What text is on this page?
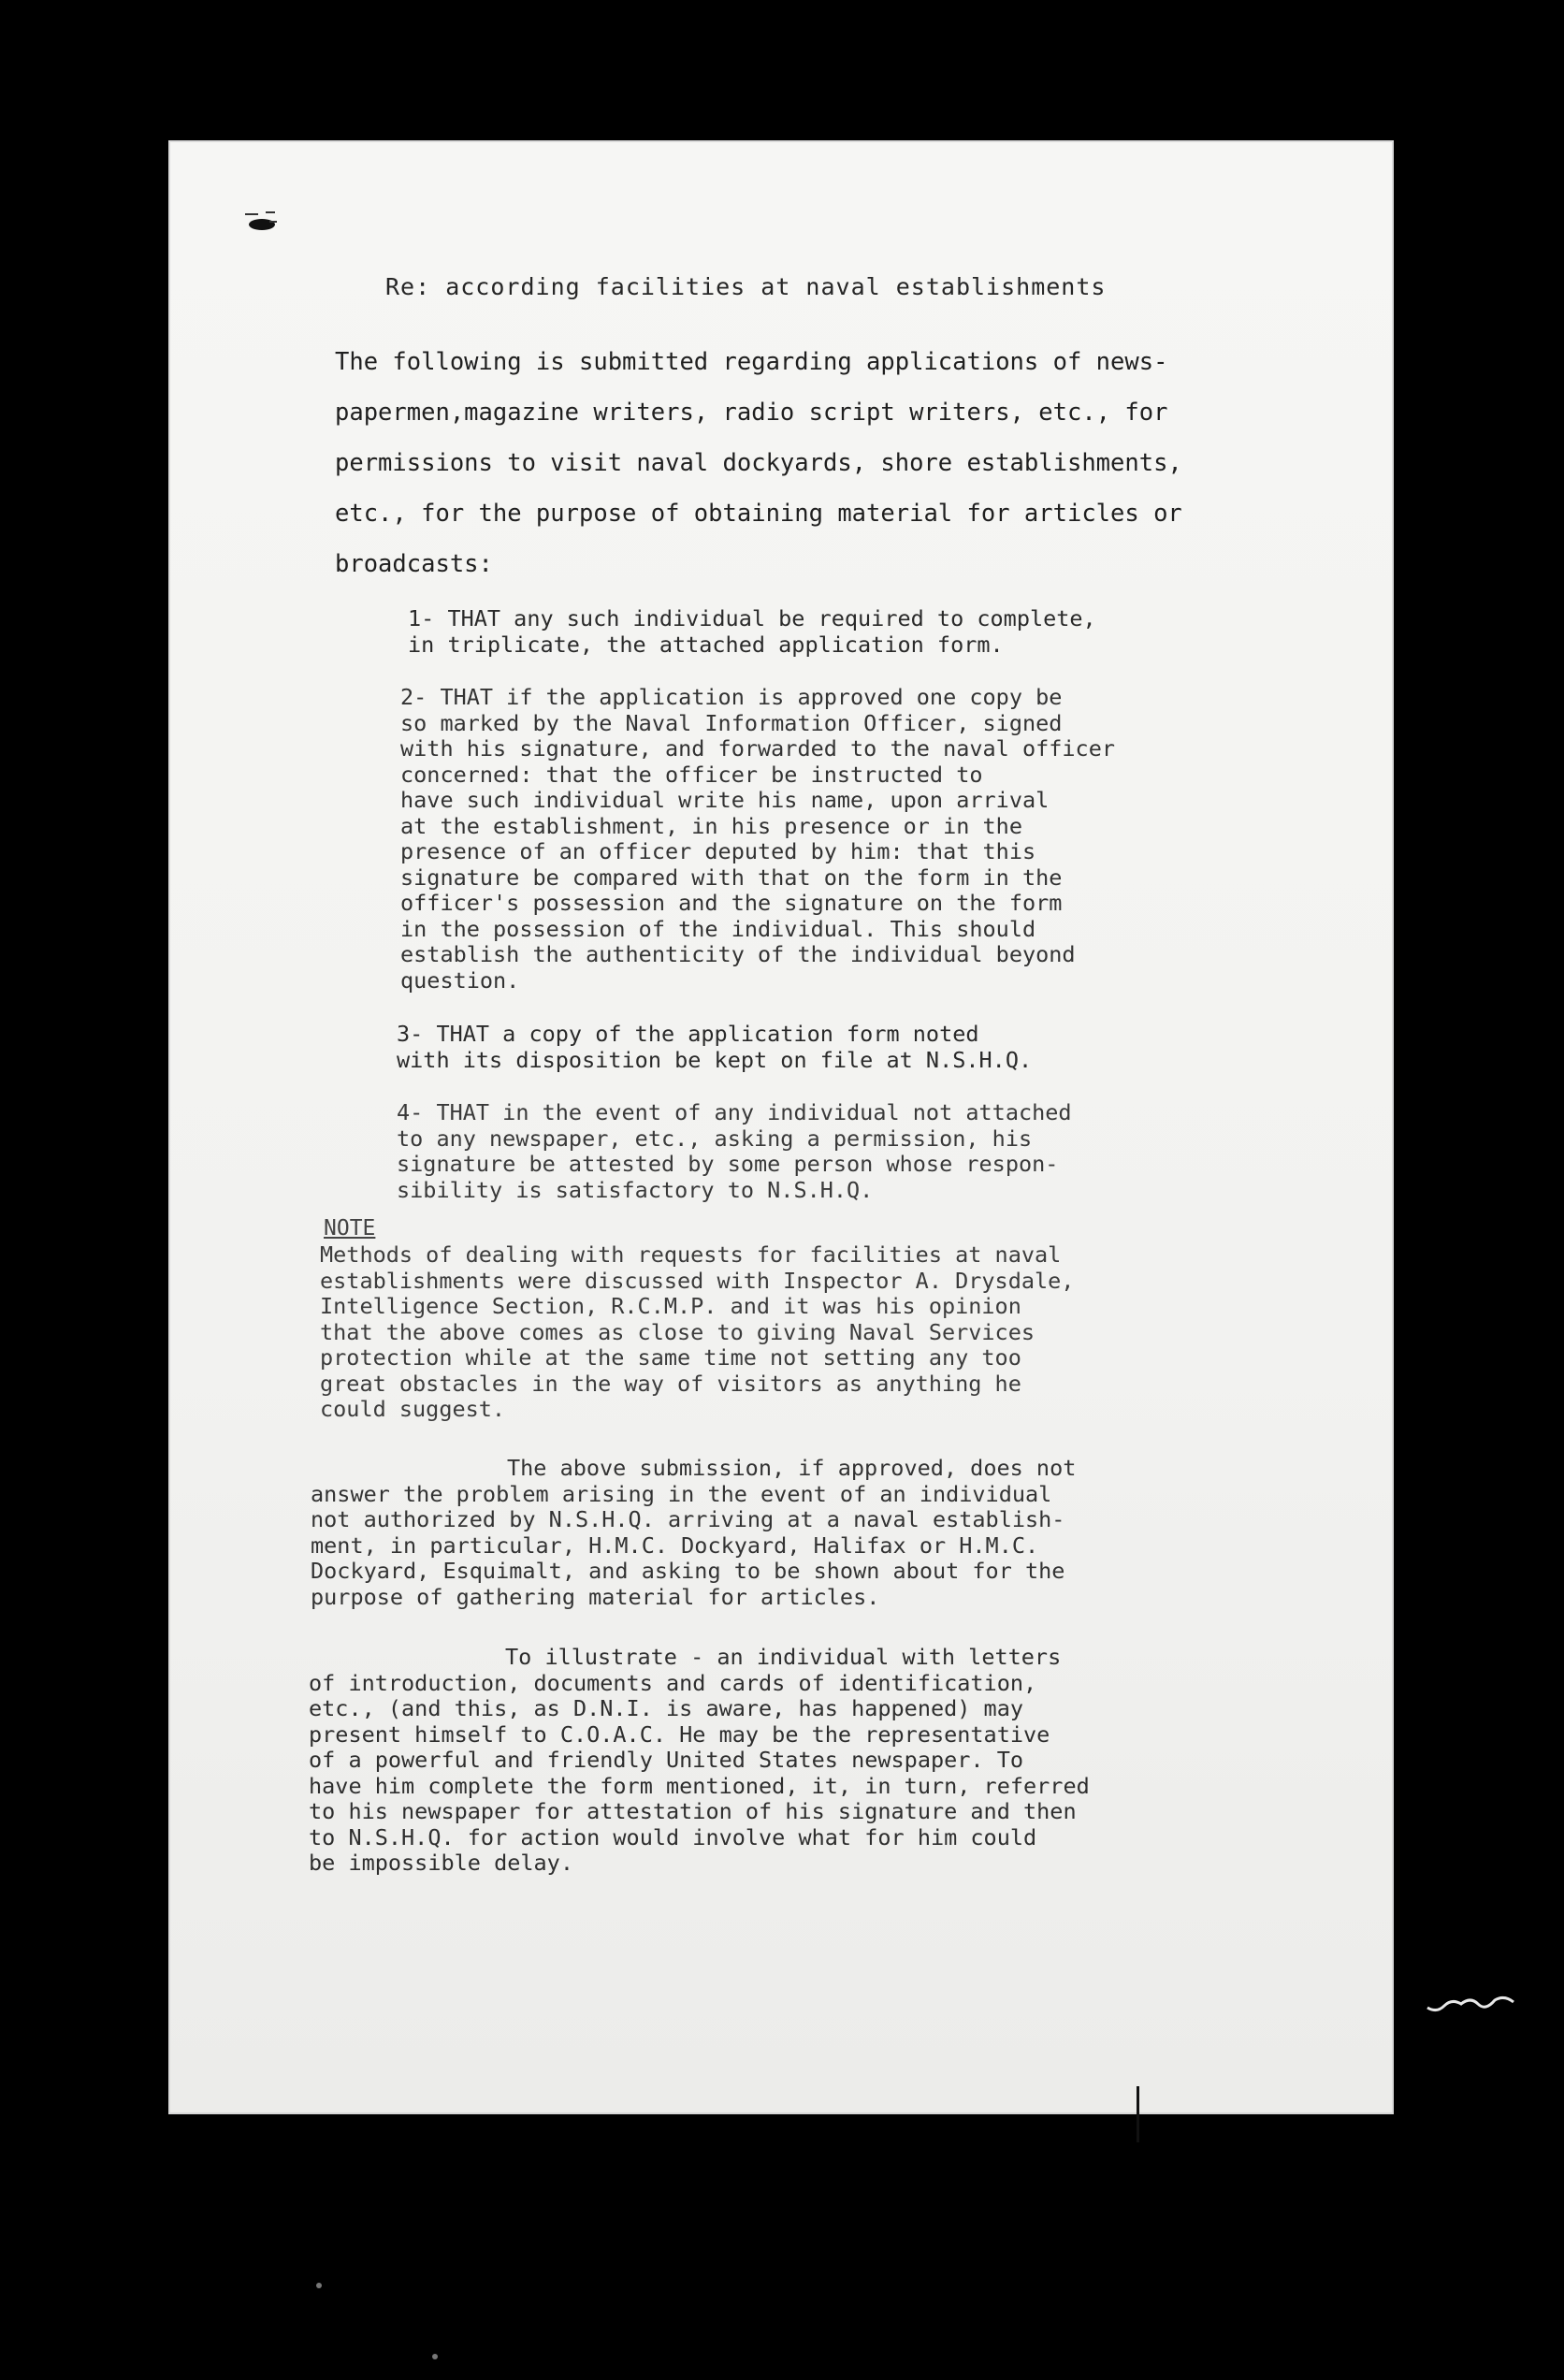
Re: according facilities at naval establishments
The following is submitted regarding applications of news-
papermen,magazine writers, radio script writers, etc., for
permissions to visit naval dockyards, shore establishments,
etc., for the purpose of obtaining material for articles or
broadcasts:
1- THAT any such individual be required to complete,
in triplicate, the attached application form.
2- THAT if the application is approved one copy be
so marked by the Naval Information Officer, signed
with his signature, and forwarded to the naval officer
concerned: that the officer be instructed to
have such individual write his name, upon arrival
at the establishment, in his presence or in the
presence of an officer deputed by him: that this
signature be compared with that on the form in the
officer's possession and the signature on the form
in the possession of the individual. This should
establish the authenticity of the individual beyond
question.
3- THAT a copy of the application form noted
with its disposition be kept on file at N.S.H.Q.
4- THAT in the event of any individual not attached
to any newspaper, etc., asking a permission, his
signature be attested by some person whose respon-
sibility is satisfactory to N.S.H.Q.
NOTE
Methods of dealing with requests for facilities at naval
establishments were discussed with Inspector A. Drysdale,
Intelligence Section, R.C.M.P. and it was his opinion
that the above comes as close to giving Naval Services
protection while at the same time not setting any too
great obstacles in the way of visitors as anything he
could suggest.
The above submission, if approved, does not
answer the problem arising in the event of an individual
not authorized by N.S.H.Q. arriving at a naval establish-
ment, in particular, H.M.C. Dockyard, Halifax or H.M.C.
Dockyard, Esquimalt, and asking to be shown about for the
purpose of gathering material for articles.
To illustrate - an individual with letters
of introduction, documents and cards of identification,
etc., (and this, as D.N.I. is aware, has happened) may
present himself to C.O.A.C. He may be the representative
of a powerful and friendly United States newspaper. To
have him complete the form mentioned, it, in turn, referred
to his newspaper for attestation of his signature and then
to N.S.H.Q. for action would involve what for him could
be impossible delay.
